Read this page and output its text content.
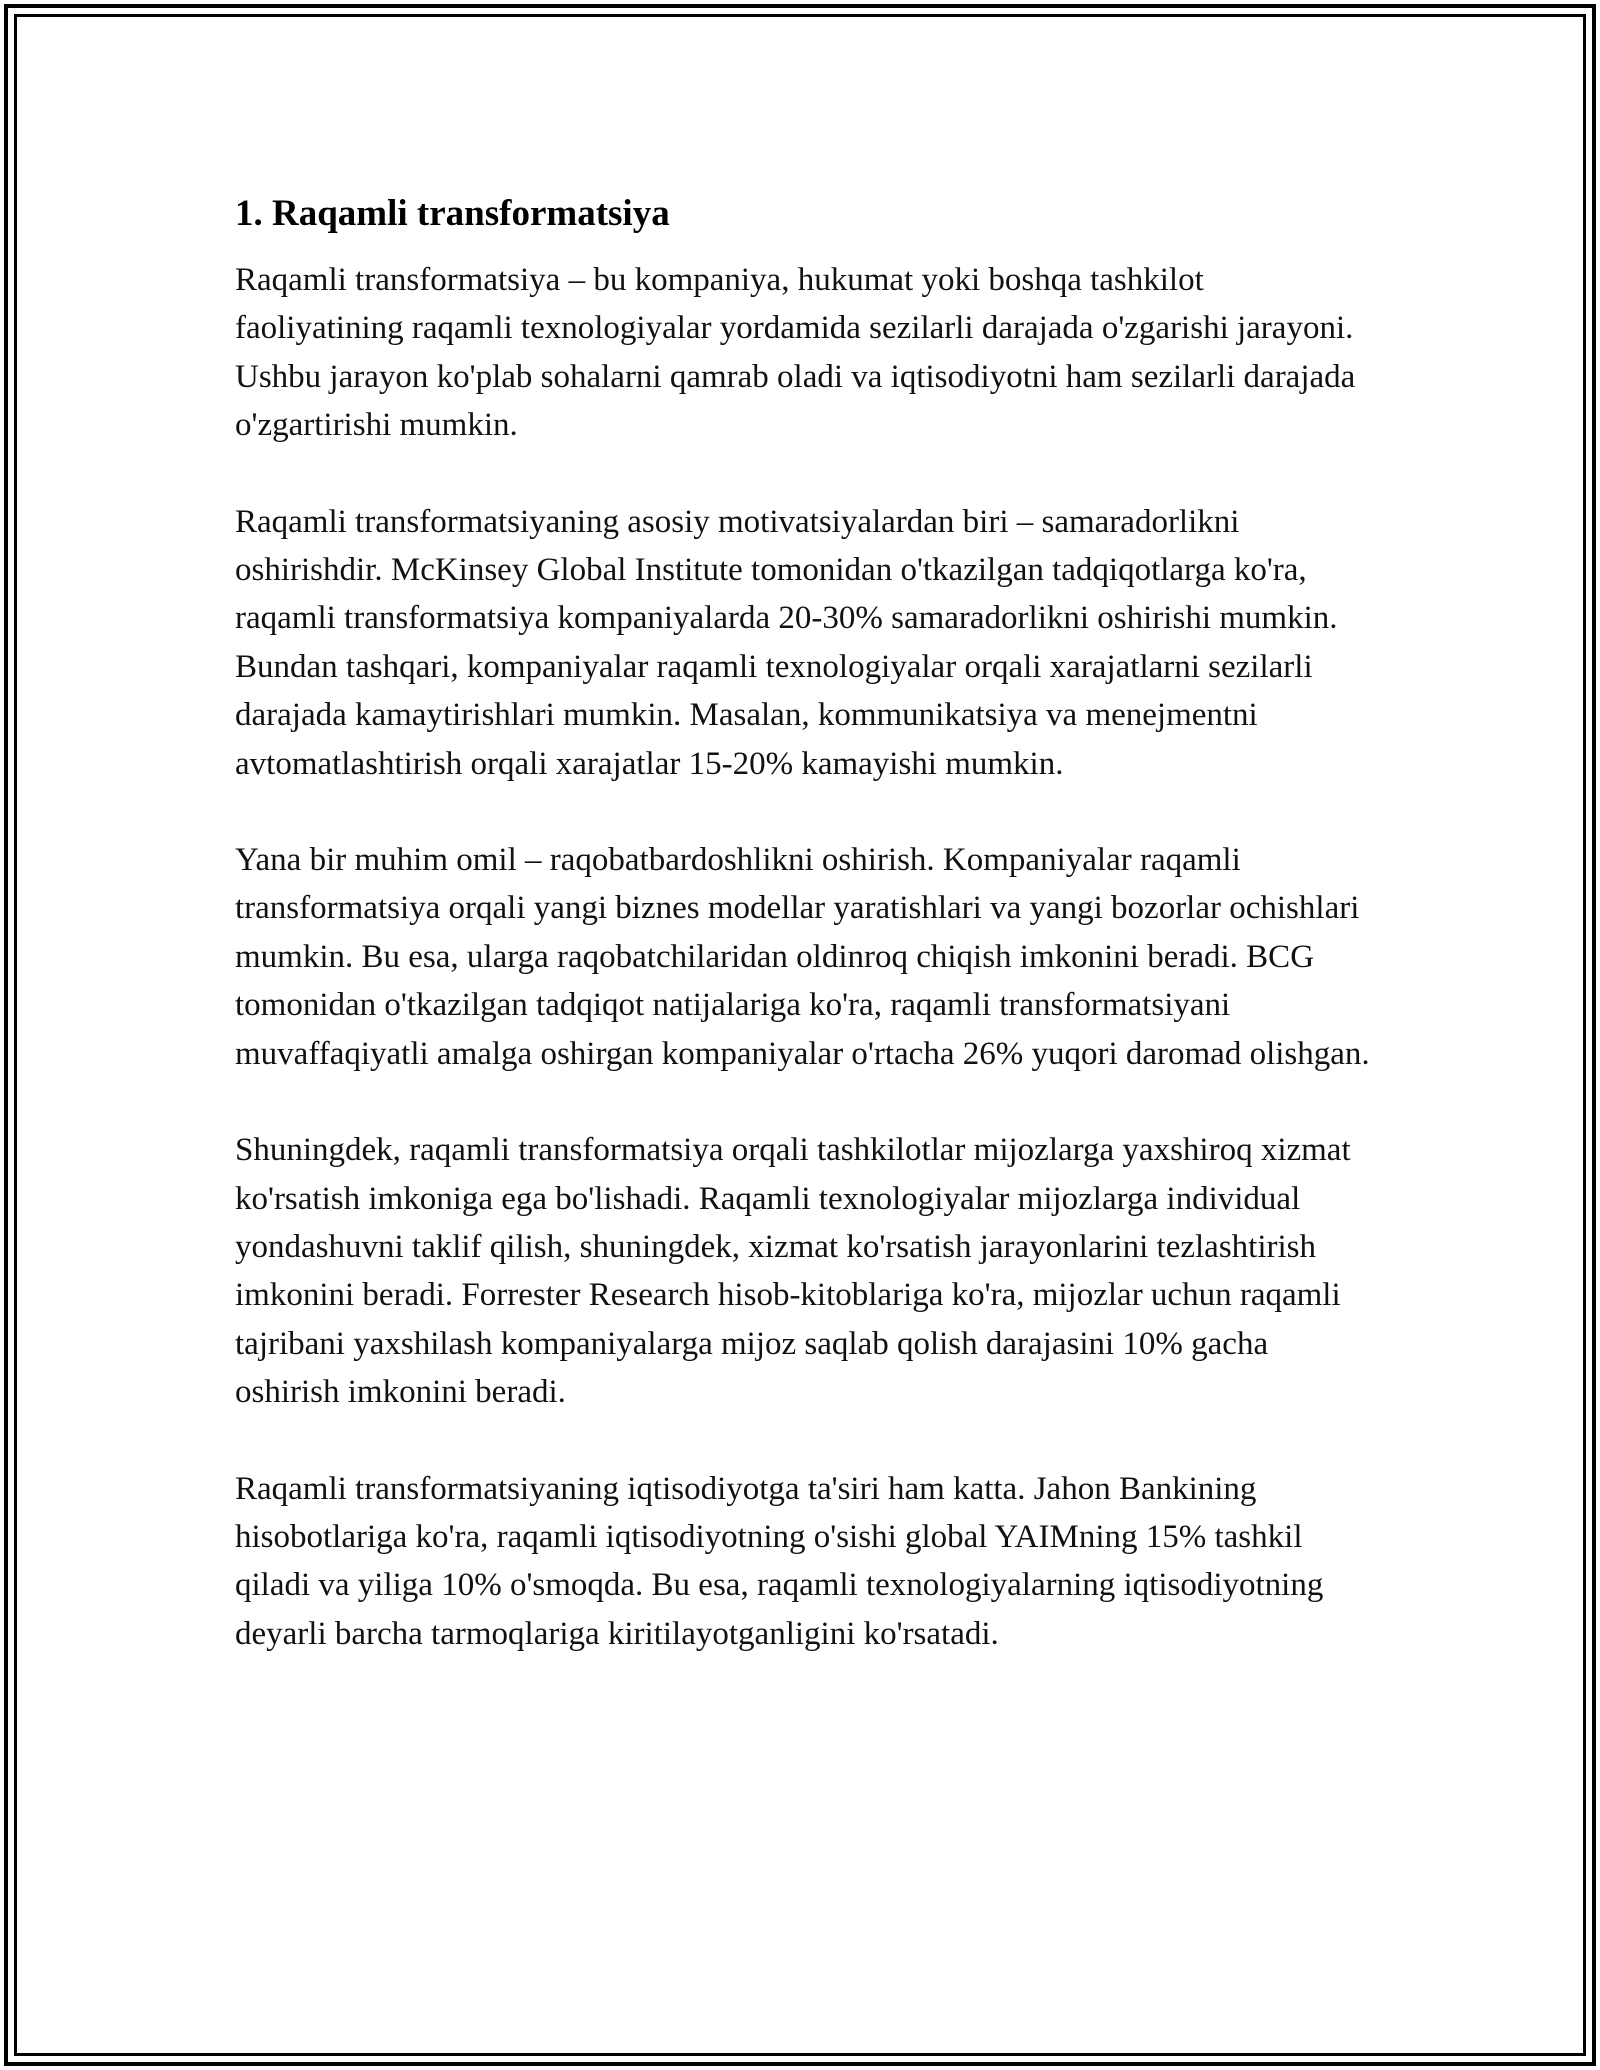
1. Raqamli transformatsiya

Raqamli transformatsiya – bu kompaniya, hukumat yoki boshqa tashkilot faoliyatining raqamli texnologiyalar yordamida sezilarli darajada o'zgarishi jarayoni. Ushbu jarayon ko'plab sohalarni qamrab oladi va iqtisodiyotni ham sezilarli darajada o'zgartirishi mumkin.

Raqamli transformatsiyaning asosiy motivatsiyalardan biri – samaradorlikni oshirishdir. McKinsey Global Institute tomonidan o'tkazilgan tadqiqotlarga ko'ra, raqamli transformatsiya kompaniyalarda 20-30% samaradorlikni oshirishi mumkin. Bundan tashqari, kompaniyalar raqamli texnologiyalar orqali xarajatlarni sezilarli darajada kamaytirishlari mumkin. Masalan, kommunikatsiya va menejmentni avtomatlashtirish orqali xarajatlar 15-20% kamayishi mumkin.

Yana bir muhim omil – raqobatbardoshlikni oshirish. Kompaniyalar raqamli transformatsiya orqali yangi biznes modellar yaratishlari va yangi bozorlar ochishlari mumkin. Bu esa, ularga raqobatchilaridan oldinroq chiqish imkonini beradi. BCG tomonidan o'tkazilgan tadqiqot natijalariga ko'ra, raqamli transformatsiyani muvaffaqiyatli amalga oshirgan kompaniyalar o'rtacha 26% yuqori daromad olishgan.

Shuningdek, raqamli transformatsiya orqali tashkilotlar mijozlarga yaxshiroq xizmat ko'rsatish imkoniga ega bo'lishadi. Raqamli texnologiyalar mijozlarga individual yondashuvni taklif qilish, shuningdek, xizmat ko'rsatish jarayonlarini tezlashtirish imkonini beradi. Forrester Research hisob-kitoblariga ko'ra, mijozlar uchun raqamli tajribani yaxshilash kompaniyalarga mijoz saqlab qolish darajasini 10% gacha oshirish imkonini beradi.

Raqamli transformatsiyaning iqtisodiyotga ta'siri ham katta. Jahon Bankining hisobotlariga ko'ra, raqamli iqtisodiyotning o'sishi global YAIMning 15% tashkil qiladi va yiliga 10% o'smoqda. Bu esa, raqamli texnologiyalarning iqtisodiyotning deyarli barcha tarmoqlariga kiritilayotganligini ko'rsatadi.
